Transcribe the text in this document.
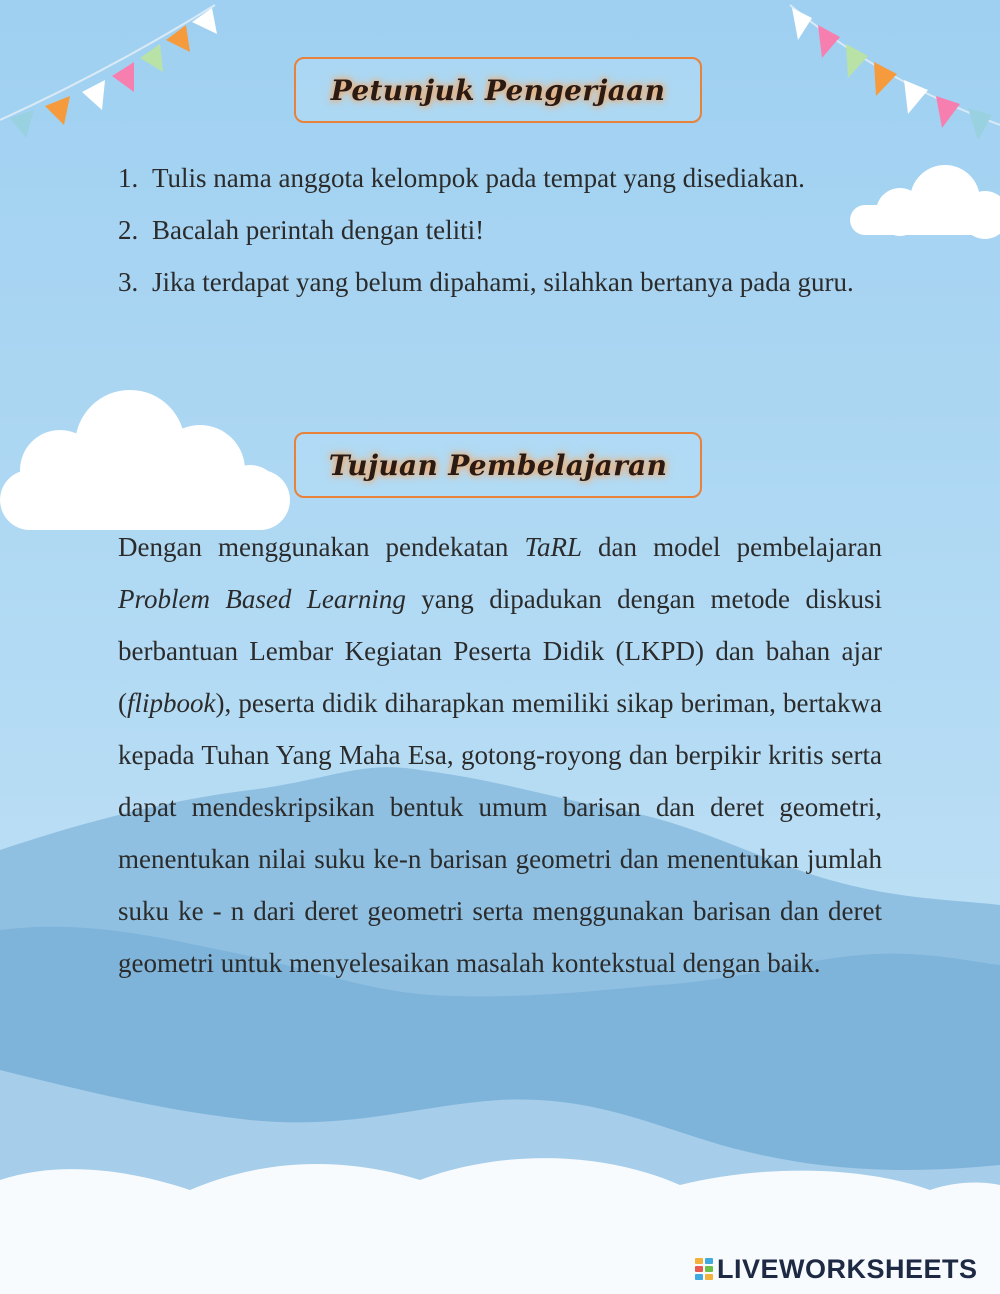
Petunjuk Pengerjaan
1. Tulis nama anggota kelompok pada tempat yang disediakan.
2. Bacalah perintah dengan teliti!
3. Jika terdapat yang belum dipahami, silahkan bertanya pada guru.
Tujuan Pembelajaran

Dengan menggunakan pendekatan TaRL dan model pembelajaran Problem Based Learning yang dipadukan dengan metode diskusi berbantuan Lembar Kegiatan Peserta Didik (LKPD) dan bahan ajar (flipbook), peserta didik diharapkan memiliki sikap beriman, bertakwa kepada Tuhan Yang Maha Esa, gotong-royong dan berpikir kritis serta dapat mendeskripsikan bentuk umum barisan dan deret geometri, menentukan nilai suku ke-n barisan geometri dan menentukan jumlah suku ke - n dari deret geometri serta menggunakan barisan dan deret geometri untuk menyelesaikan masalah kontekstual dengan baik.

LIVEWORKSHEETS
